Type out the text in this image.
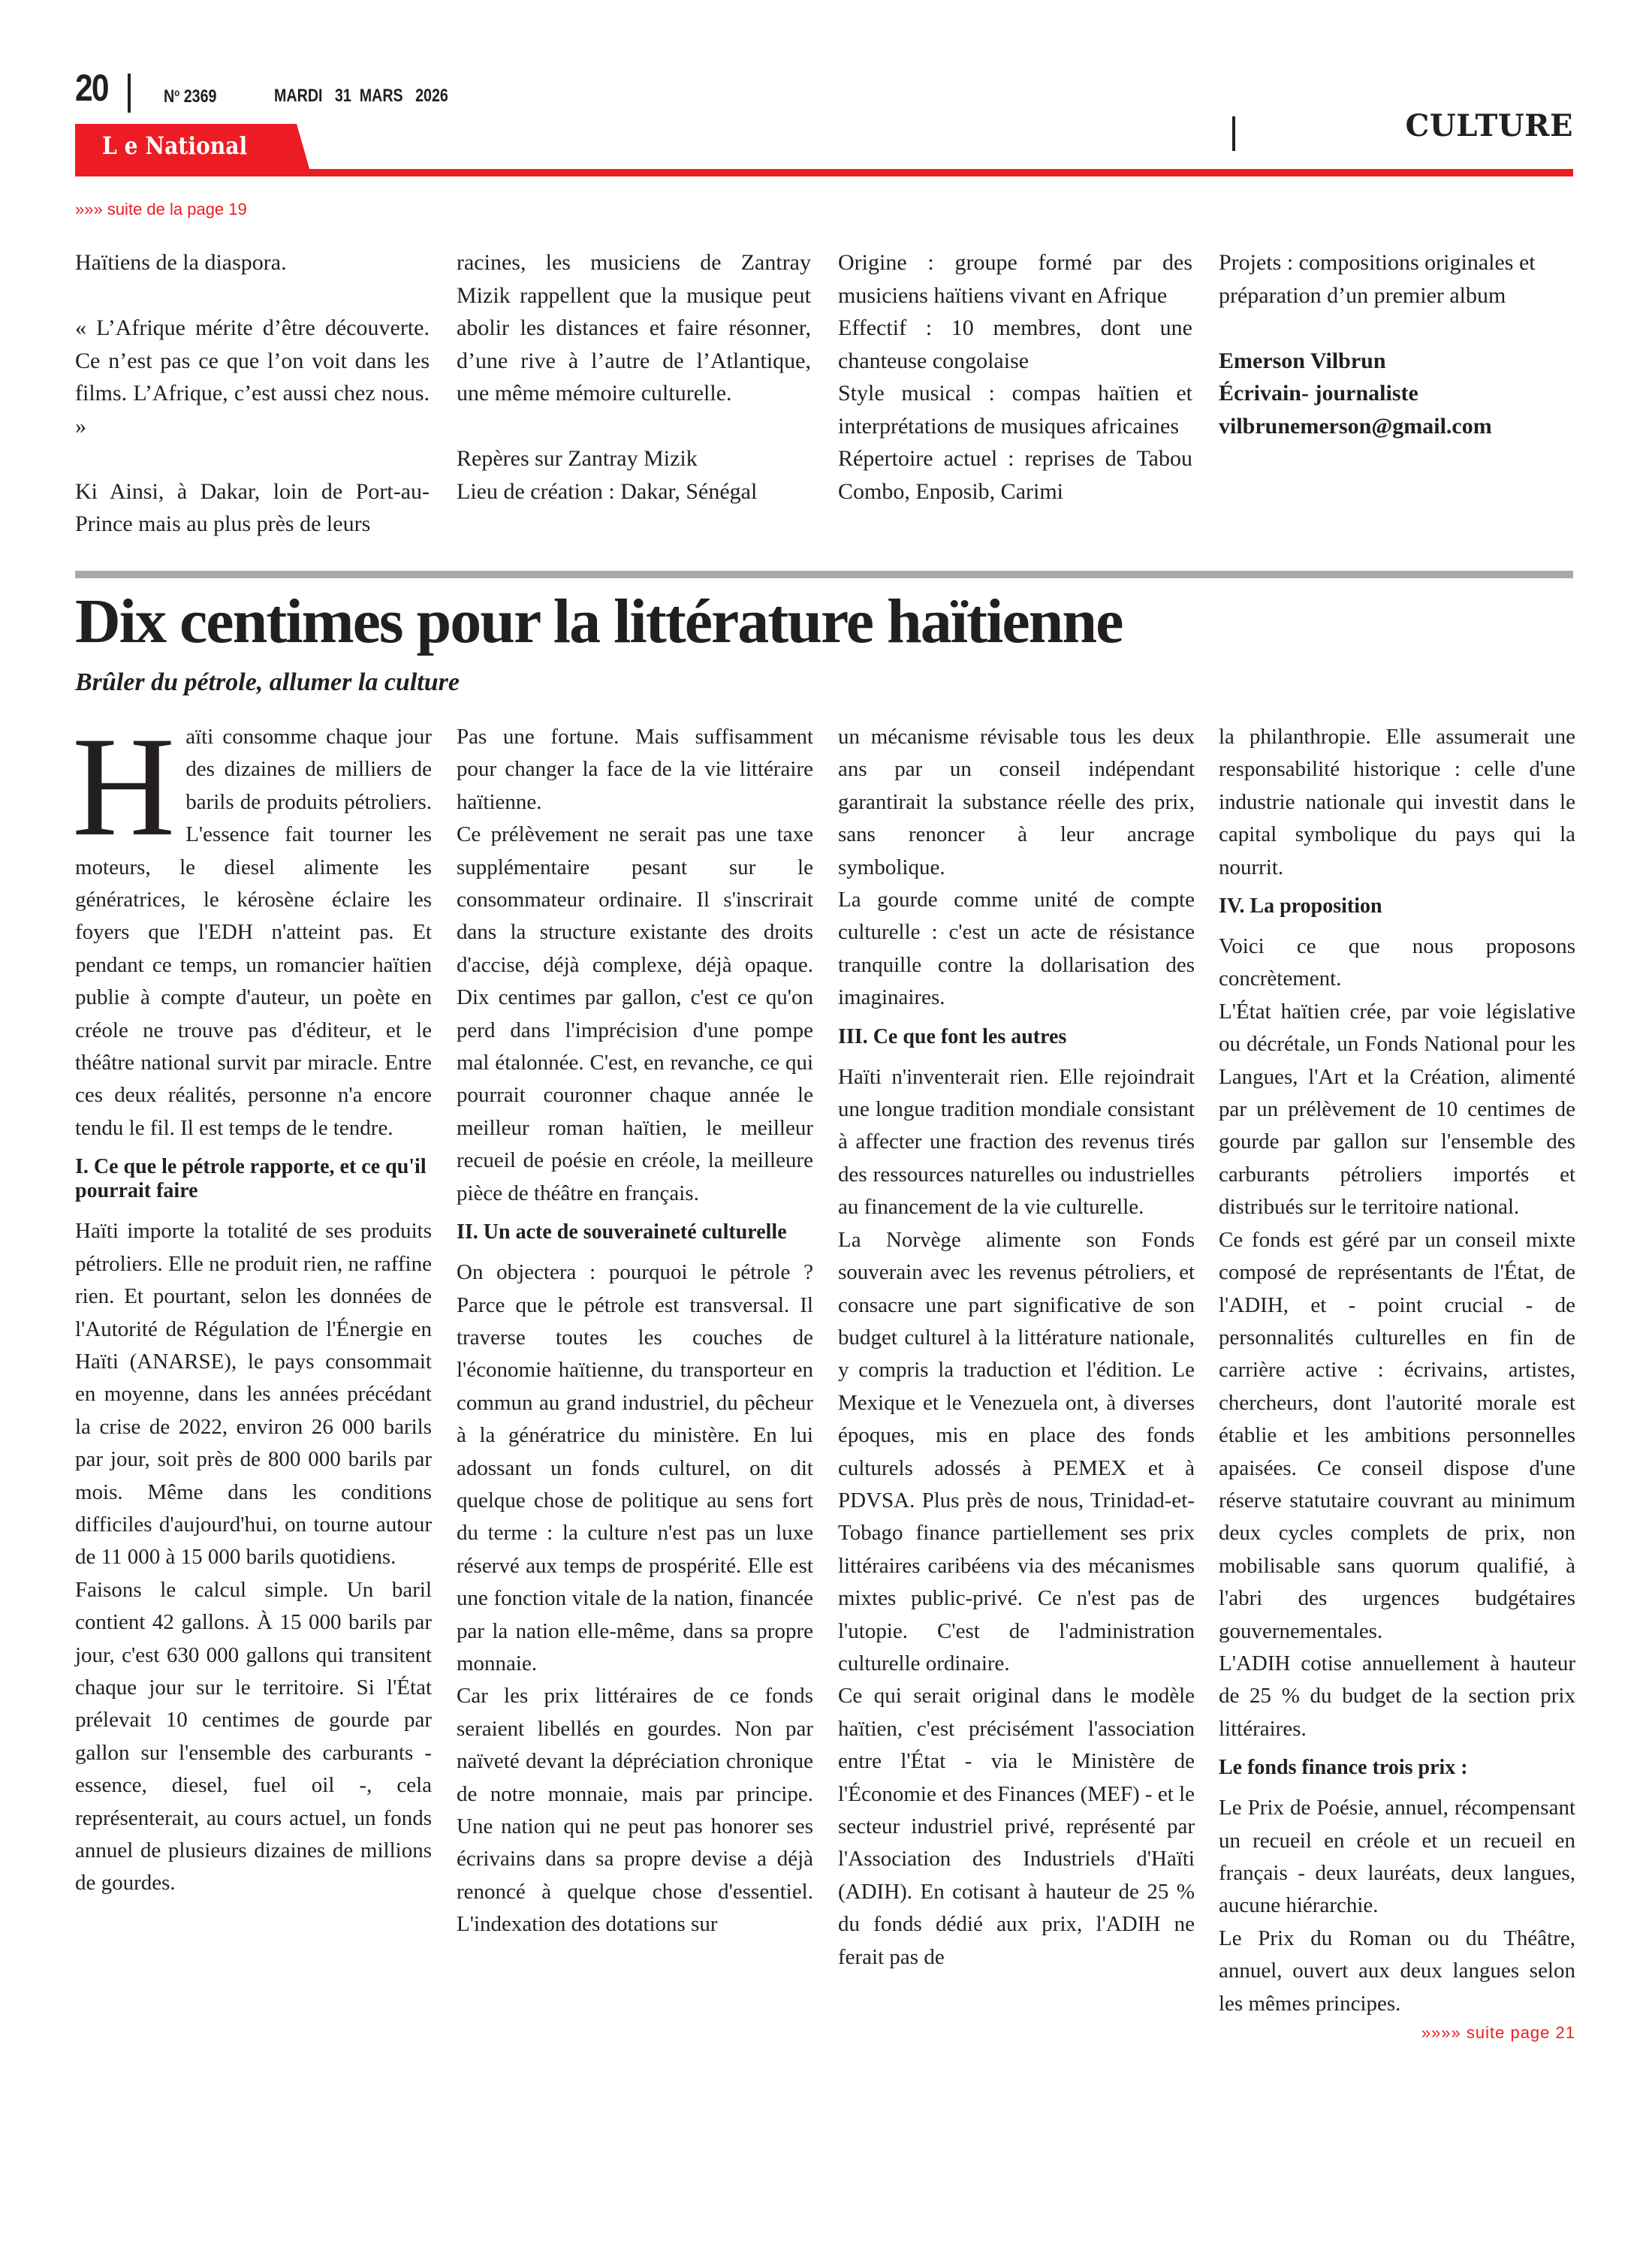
20	$N^o$ 2369	MARDI   31  MARS   2026
L e National
CULTURE
»»» suite de la page 19

Haïtiens de la diaspora.

« L’Afrique mérite d’être découverte. Ce n’est pas ce que l’on voit dans les films. L’Afrique, c’est aussi chez nous. »

Ki Ainsi, à Dakar, loin de Port-au-Prince mais au plus près de leurs

racines, les musiciens de Zantray Mizik rappellent que la musique peut abolir les distances et faire résonner, d’une rive à l’autre de l’Atlantique, une même mémoire culturelle.

Repères sur Zantray Mizik

Lieu de création : Dakar, Sénégal

Origine : groupe formé par des musiciens haïtiens vivant en Afrique

Effectif : 10 membres, dont une chanteuse congolaise

Style musical : compas haïtien et interprétations de musiques africaines

Répertoire actuel : reprises de Tabou Combo, Enposib, Carimi

Projets : compositions originales et préparation d’un premier album

Emerson Vilbrun

Écrivain- journaliste

vilbrunemerson@gmail.com

Dix centimes pour la littérature haïtienne
Brûler du pétrole, allumer la culture

Haïti consomme chaque jour des dizaines de milliers de barils de produits pétroliers. L'essence fait tourner les moteurs, le diesel alimente les génératrices, le kérosène éclaire les foyers que l'EDH n'atteint pas. Et pendant ce temps, un romancier haïtien publie à compte d'auteur, un poète en créole ne trouve pas d'éditeur, et le théâtre national survit par miracle. Entre ces deux réalités, personne n'a encore tendu le fil. Il est temps de le tendre.

I. Ce que le pétrole rapporte, et ce qu'il pourrait faire

Haïti importe la totalité de ses produits pétroliers. Elle ne produit rien, ne raffine rien. Et pourtant, selon les données de l'Autorité de Régulation de l'Énergie en Haïti (ANARSE), le pays consommait en moyenne, dans les années précédant la crise de 2022, environ 26 000 barils par jour, soit près de 800 000 barils par mois. Même dans les conditions difficiles d'aujourd'hui, on tourne autour de 11 000 à 15 000 barils quotidiens.

Faisons le calcul simple. Un baril contient 42 gallons. À 15 000 barils par jour, c'est 630 000 gallons qui transitent chaque jour sur le territoire. Si l'État prélevait 10 centimes de gourde par gallon sur l'ensemble des carburants - essence, diesel, fuel oil -, cela représenterait, au cours actuel, un fonds annuel de plusieurs dizaines de millions de gourdes.

Pas une fortune. Mais suffisamment pour changer la face de la vie littéraire haïtienne.

Ce prélèvement ne serait pas une taxe supplémentaire pesant sur le consommateur ordinaire. Il s'inscrirait dans la structure existante des droits d'accise, déjà complexe, déjà opaque. Dix centimes par gallon, c'est ce qu'on perd dans l'imprécision d'une pompe mal étalonnée. C'est, en revanche, ce qui pourrait couronner chaque année le meilleur roman haïtien, le meilleur recueil de poésie en créole, la meilleure pièce de théâtre en français.

II. Un acte de souveraineté culturelle

On objectera : pourquoi le pétrole ? Parce que le pétrole est transversal. Il traverse toutes les couches de l'économie haïtienne, du transporteur en commun au grand industriel, du pêcheur à la génératrice du ministère. En lui adossant un fonds culturel, on dit quelque chose de politique au sens fort du terme : la culture n'est pas un luxe réservé aux temps de prospérité. Elle est une fonction vitale de la nation, financée par la nation elle-même, dans sa propre monnaie.

Car les prix littéraires de ce fonds seraient libellés en gourdes. Non par naïveté devant la dépréciation chronique de notre monnaie, mais par principe. Une nation qui ne peut pas honorer ses écrivains dans sa propre devise a déjà renoncé à quelque chose d'essentiel. L'indexation des dotations sur

un mécanisme révisable tous les deux ans par un conseil indépendant garantirait la substance réelle des prix, sans renoncer à leur ancrage symbolique.

La gourde comme unité de compte culturelle : c'est un acte de résistance tranquille contre la dollarisation des imaginaires.

III. Ce que font les autres

Haïti n'inventerait rien. Elle rejoindrait une longue tradition mondiale consistant à affecter une fraction des revenus tirés des ressources naturelles ou industrielles au financement de la vie culturelle.

La Norvège alimente son Fonds souverain avec les revenus pétroliers, et consacre une part significative de son budget culturel à la littérature nationale, y compris la traduction et l'édition. Le Mexique et le Venezuela ont, à diverses époques, mis en place des fonds culturels adossés à PEMEX et à PDVSA. Plus près de nous, Trinidad-et-Tobago finance partiellement ses prix littéraires caribéens via des mécanismes mixtes public-privé. Ce n'est pas de l'utopie. C'est de l'administration culturelle ordinaire.

Ce qui serait original dans le modèle haïtien, c'est précisément l'association entre l'État - via le Ministère de l'Économie et des Finances (MEF) - et le secteur industriel privé, représenté par l'Association des Industriels d'Haïti (ADIH). En cotisant à hauteur de 25 % du fonds dédié aux prix, l'ADIH ne ferait pas de

la philanthropie. Elle assumerait une responsabilité historique : celle d'une industrie nationale qui investit dans le capital symbolique du pays qui la nourrit.

IV. La proposition

Voici ce que nous proposons concrètement.

L'État haïtien crée, par voie législative ou décrétale, un Fonds National pour les Langues, l'Art et la Création, alimenté par un prélèvement de 10 centimes de gourde par gallon sur l'ensemble des carburants pétroliers importés et distribués sur le territoire national.

Ce fonds est géré par un conseil mixte composé de représentants de l'État, de l'ADIH, et - point crucial - de personnalités culturelles en fin de carrière active : écrivains, artistes, chercheurs, dont l'autorité morale est établie et les ambitions personnelles apaisées. Ce conseil dispose d'une réserve statutaire couvrant au minimum deux cycles complets de prix, non mobilisable sans quorum qualifié, à l'abri des urgences budgétaires gouvernementales.

L'ADIH cotise annuellement à hauteur de 25 % du budget de la section prix littéraires.

Le fonds finance trois prix :

Le Prix de Poésie, annuel, récompensant un recueil en créole et un recueil en français - deux lauréats, deux langues, aucune hiérarchie.

Le Prix du Roman ou du Théâtre, annuel, ouvert aux deux langues selon les mêmes principes.

»»»» suite page 21
